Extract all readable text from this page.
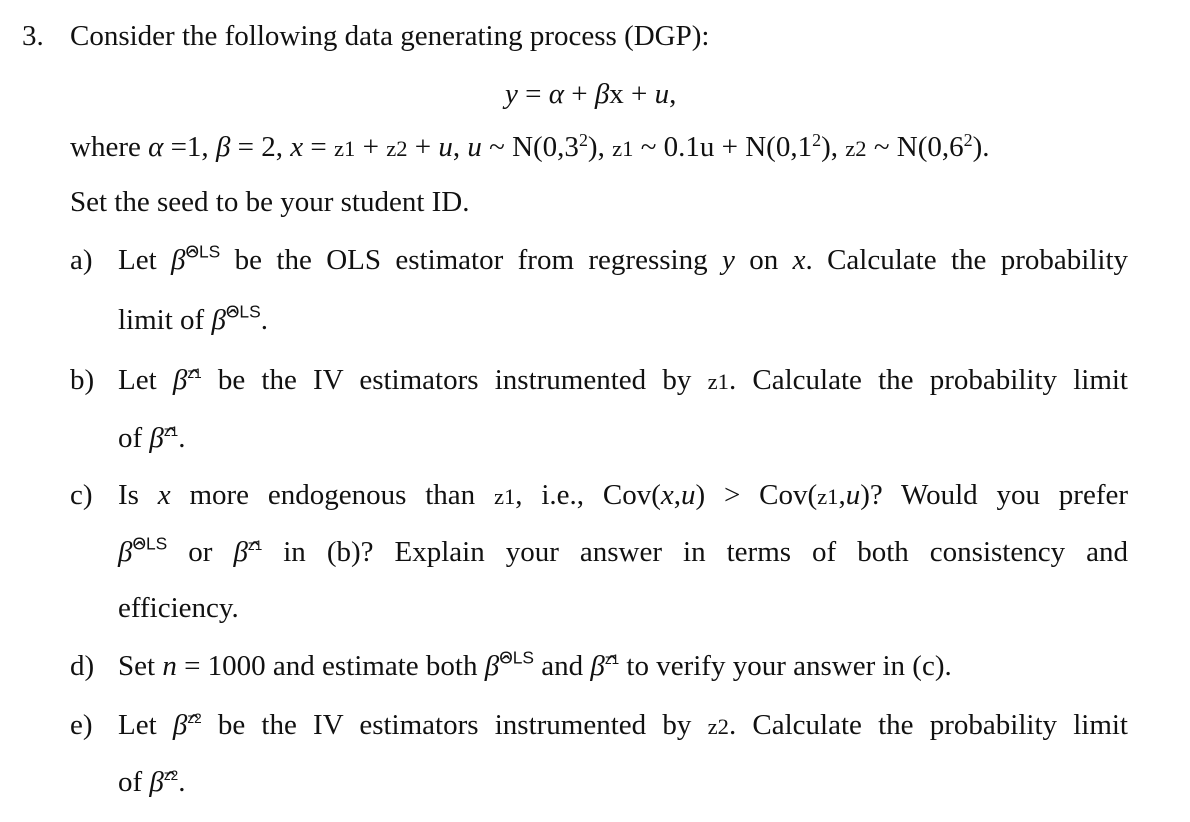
3. Consider the following data generating process (DGP):
y = α + βx + u,
where α =1, β = 2, x = z1 + z2 + u, u ~ $N(0,3^2)$, z1 ~ $0.1u + N(0,1^2)$, z2 ~ $N(0,6^2)$.
Set the seed to be your student ID.
Let β̂$^{OLS}$ be the OLS estimator from regressing y on x. Calculate the probability
limit of β̂$^{OLS}$.
Let β̂$^{z1}$ be the IV estimators instrumented by z1. Calculate the probability limit
of β̂$^{z1}$.
Is x more endogenous than z1, i.e., Cov(x,u) > Cov(z1,u)? Would you prefer
β̂$^{OLS}$ or β̂$^{z1}$ in (b)? Explain your answer in terms of both consistency and
efficiency.
Set n = 1000 and estimate both β̂$^{OLS}$ and β̂$^{z1}$ to verify your answer in (c).
Let β̂$^{z2}$ be the IV estimators instrumented by z2. Calculate the probability limit
of β̂$^{z2}$.
a)
b)
c)
d)
e)
